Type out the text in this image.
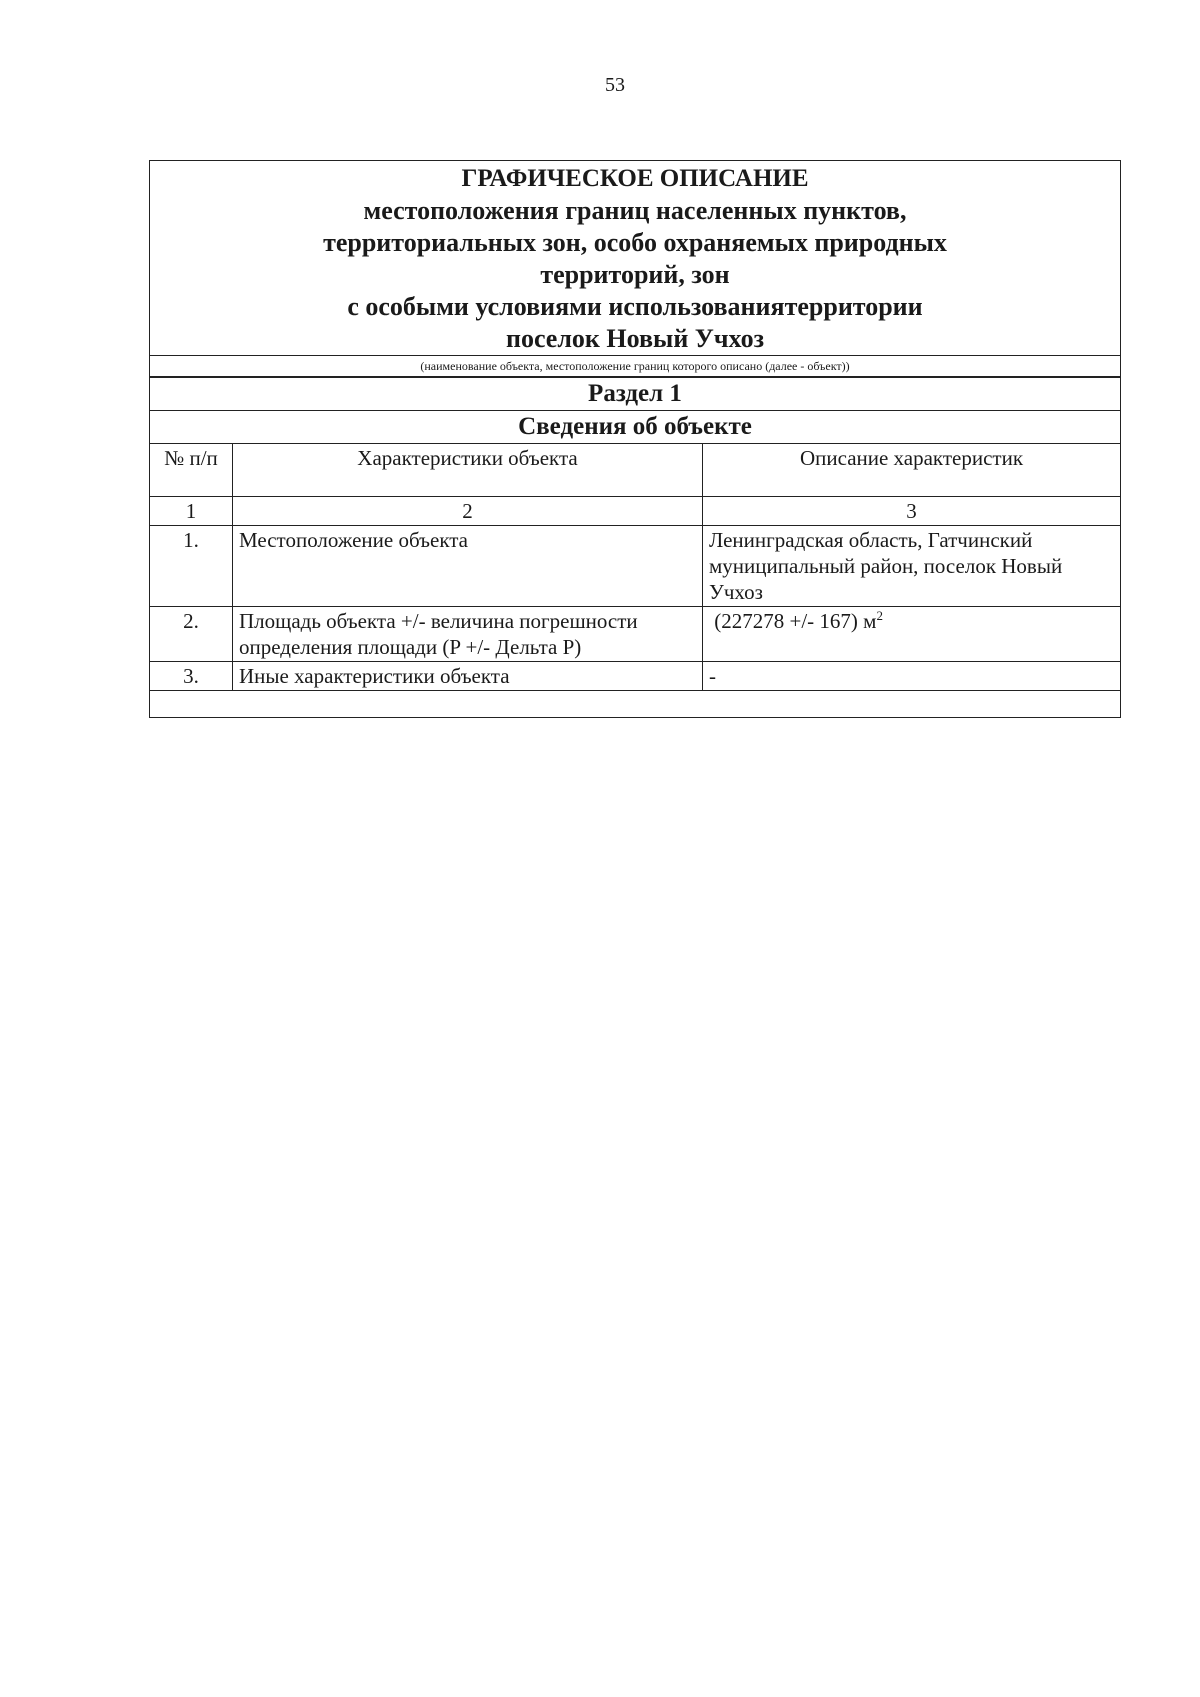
53
ГРАФИЧЕСКОЕ ОПИСАНИЕ
местоположения границ населенных пунктов,
территориальных зон, особо охраняемых природных
территорий, зон
с особыми условиями использованиятерритории
поселок Новый Учхоз
(наименование объекта, местоположение границ которого описано (далее - объект))
Раздел 1
Сведения об объекте
№ п/п	Характеристики объекта	Описание характеристик
1	2	3
1.	Местоположение объекта	Ленинградская область, Гатчинский муниципальный район, поселок Новый Учхоз
2.	Площадь объекта +/- величина погрешности определения площади (P +/- Дельта P)	(227278 +/- 167) $м^2$
3.	Иные характеристики объекта	-
